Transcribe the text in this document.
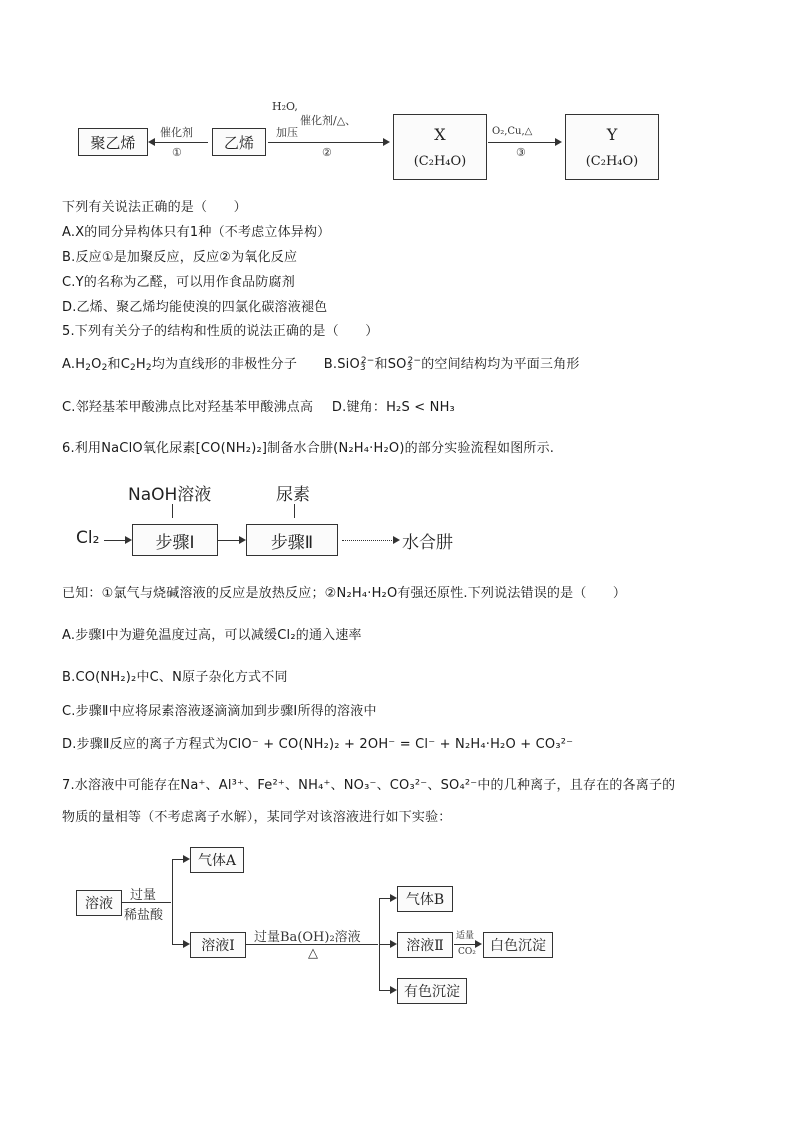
聚乙烯
催化剂
①
乙烯
H₂O,
催化剂/△、
加压
②
X
(C₂H₄O)
O₂,Cu,△
③
Y
(C₂H₄O)
下列有关说法正确的是（　　）
A.X的同分异构体只有1种（不考虑立体异构）
B.反应①是加聚反应，反应②为氧化反应
C.Y的名称为乙醛，可以用作食品防腐剂
D.乙烯、聚乙烯均能使溴的四氯化碳溶液褪色
5.下列有关分子的结构和性质的说法正确的是（　　）
$A.H_2O_2$和$C_2H_2$均为直线形的非极性分子 B.SiO$_3^{2-}$和$SO_3^{2-}$的空间结构均为平面三角形
C.邻羟基苯甲酸沸点比对羟基苯甲酸沸点高 D.键角：H₂S < NH₃
6.利用NaClO氧化尿素[CO(NH₂)₂]制备水合肼(N₂H₄·H₂O)的部分实验流程如图所示.
NaOH溶液	尿素
Cl₂	步骤Ⅰ	步骤Ⅱ	水合肼
已知：①氯气与烧碱溶液的反应是放热反应；②N₂H₄·H₂O有强还原性.下列说法错误的是（　　）
A.步骤Ⅰ中为避免温度过高，可以减缓Cl₂的通入速率
B.CO(NH₂)₂中C、N原子杂化方式不同
C.步骤Ⅱ中应将尿素溶液逐滴滴加到步骤Ⅰ所得的溶液中
D.步骤Ⅱ反应的离子方程式为ClO⁻ + CO(NH₂)₂ + 2OH⁻ = Cl⁻ + N₂H₄·H₂O + CO₃²⁻
7.水溶液中可能存在Na⁺、Al³⁺、Fe²⁺、NH₄⁺、NO₃⁻、CO₃²⁻、SO₄²⁻中的几种离子，且存在的各离子的
物质的量相等（不考虑离子水解），某同学对该溶液进行如下实验：
溶液
过量
稀盐酸
气体A
溶液Ⅰ
过量Ba(OH)₂溶液
△
气体B
溶液Ⅱ
有色沉淀
适量
CO₂ 白色沉淀
